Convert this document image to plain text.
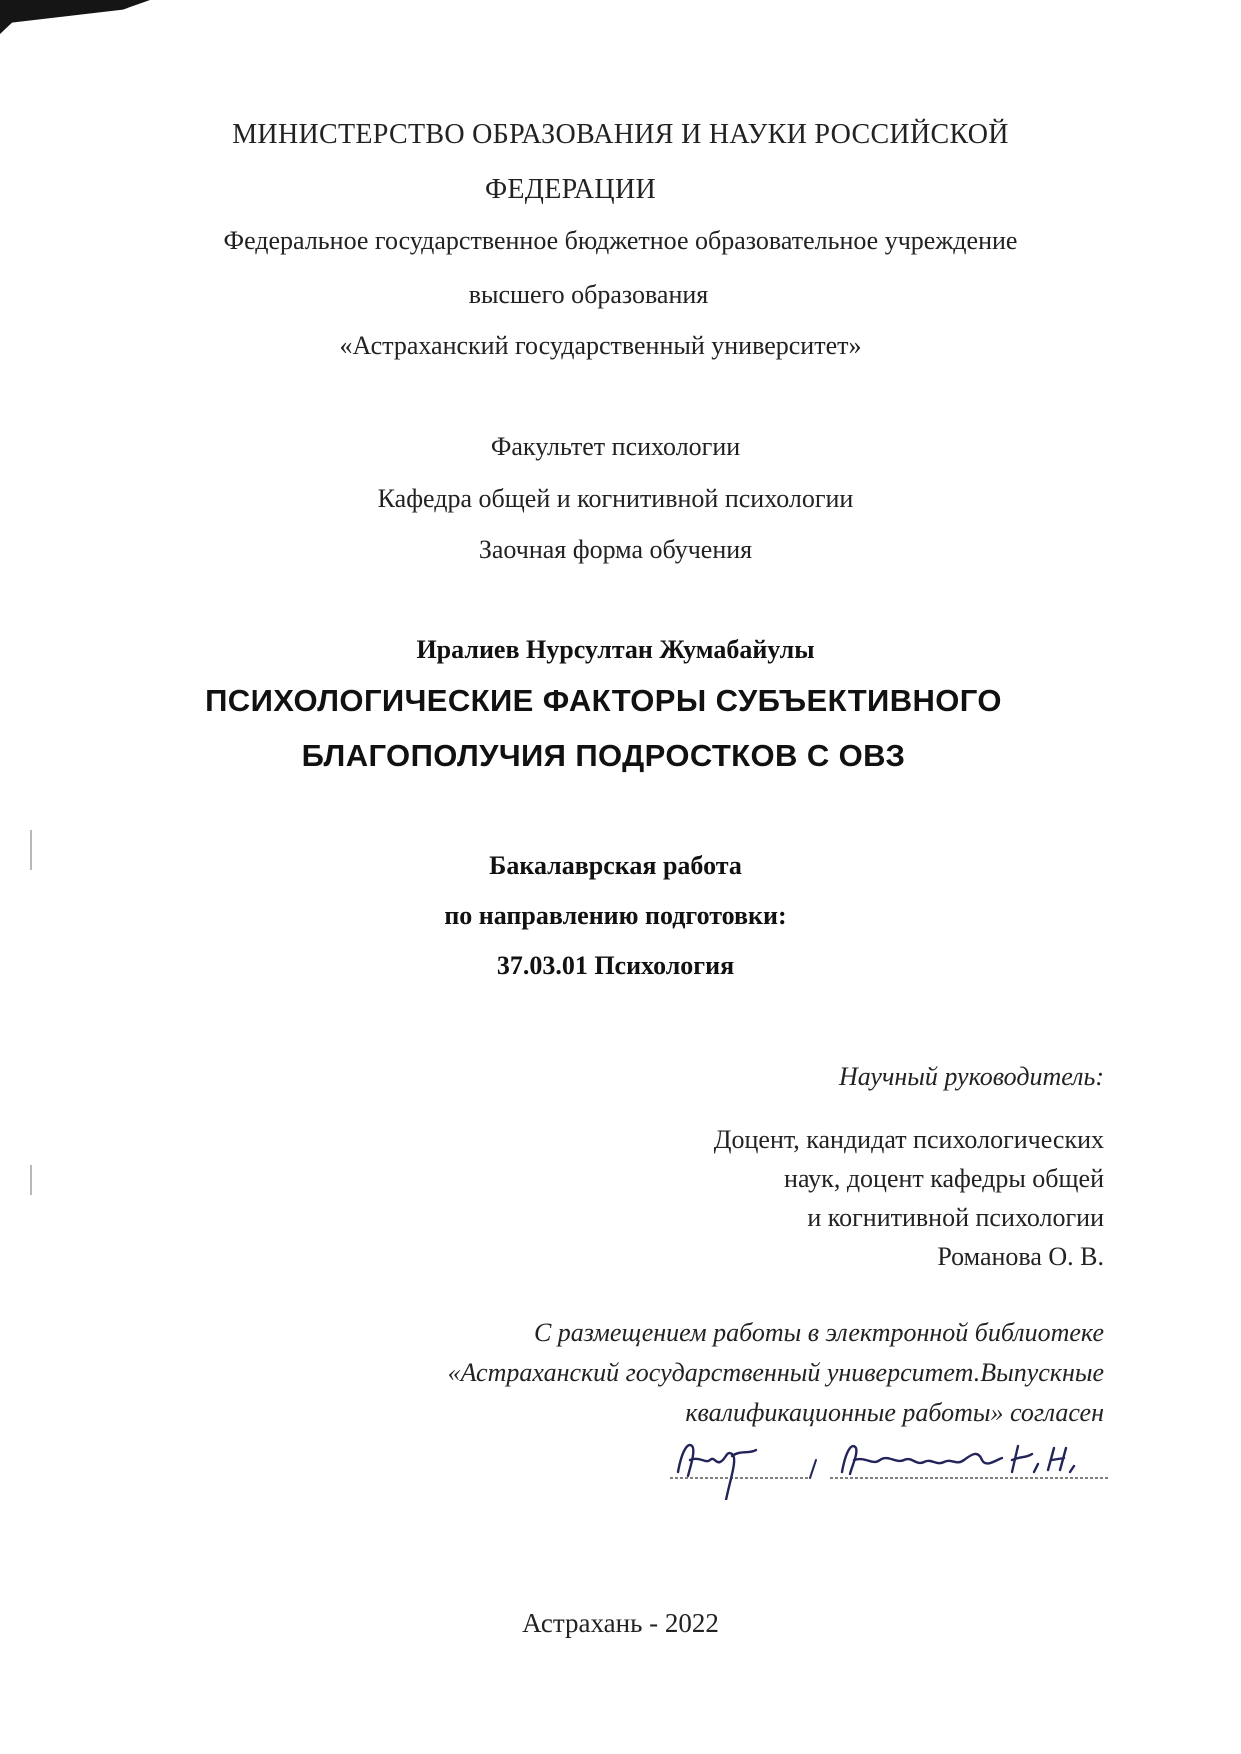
МИНИСТЕРСТВО ОБРАЗОВАНИЯ И НАУКИ РОССИЙСКОЙ
ФЕДЕРАЦИИ
Федеральное государственное бюджетное образовательное учреждение
высшего образования
«Астраханский государственный университет»
Факультет психологии
Кафедра общей и когнитивной психологии
Заочная форма обучения
Иралиев Нурсултан Жумабайулы
ПСИХОЛОГИЧЕСКИЕ ФАКТОРЫ СУБЪЕКТИВНОГО
БЛАГОПОЛУЧИЯ ПОДРОСТКОВ С ОВЗ
Бакалаврская работа
по направлению подготовки:
37.03.01 Психология
Научный руководитель:
Доцент, кандидат психологических
наук, доцент кафедры общей
и когнитивной психологии
Романова О. В.
С размещением работы в электронной библиотеке
«Астраханский государственный университет.Выпускные
квалификационные работы» согласен
Астрахань - 2022
